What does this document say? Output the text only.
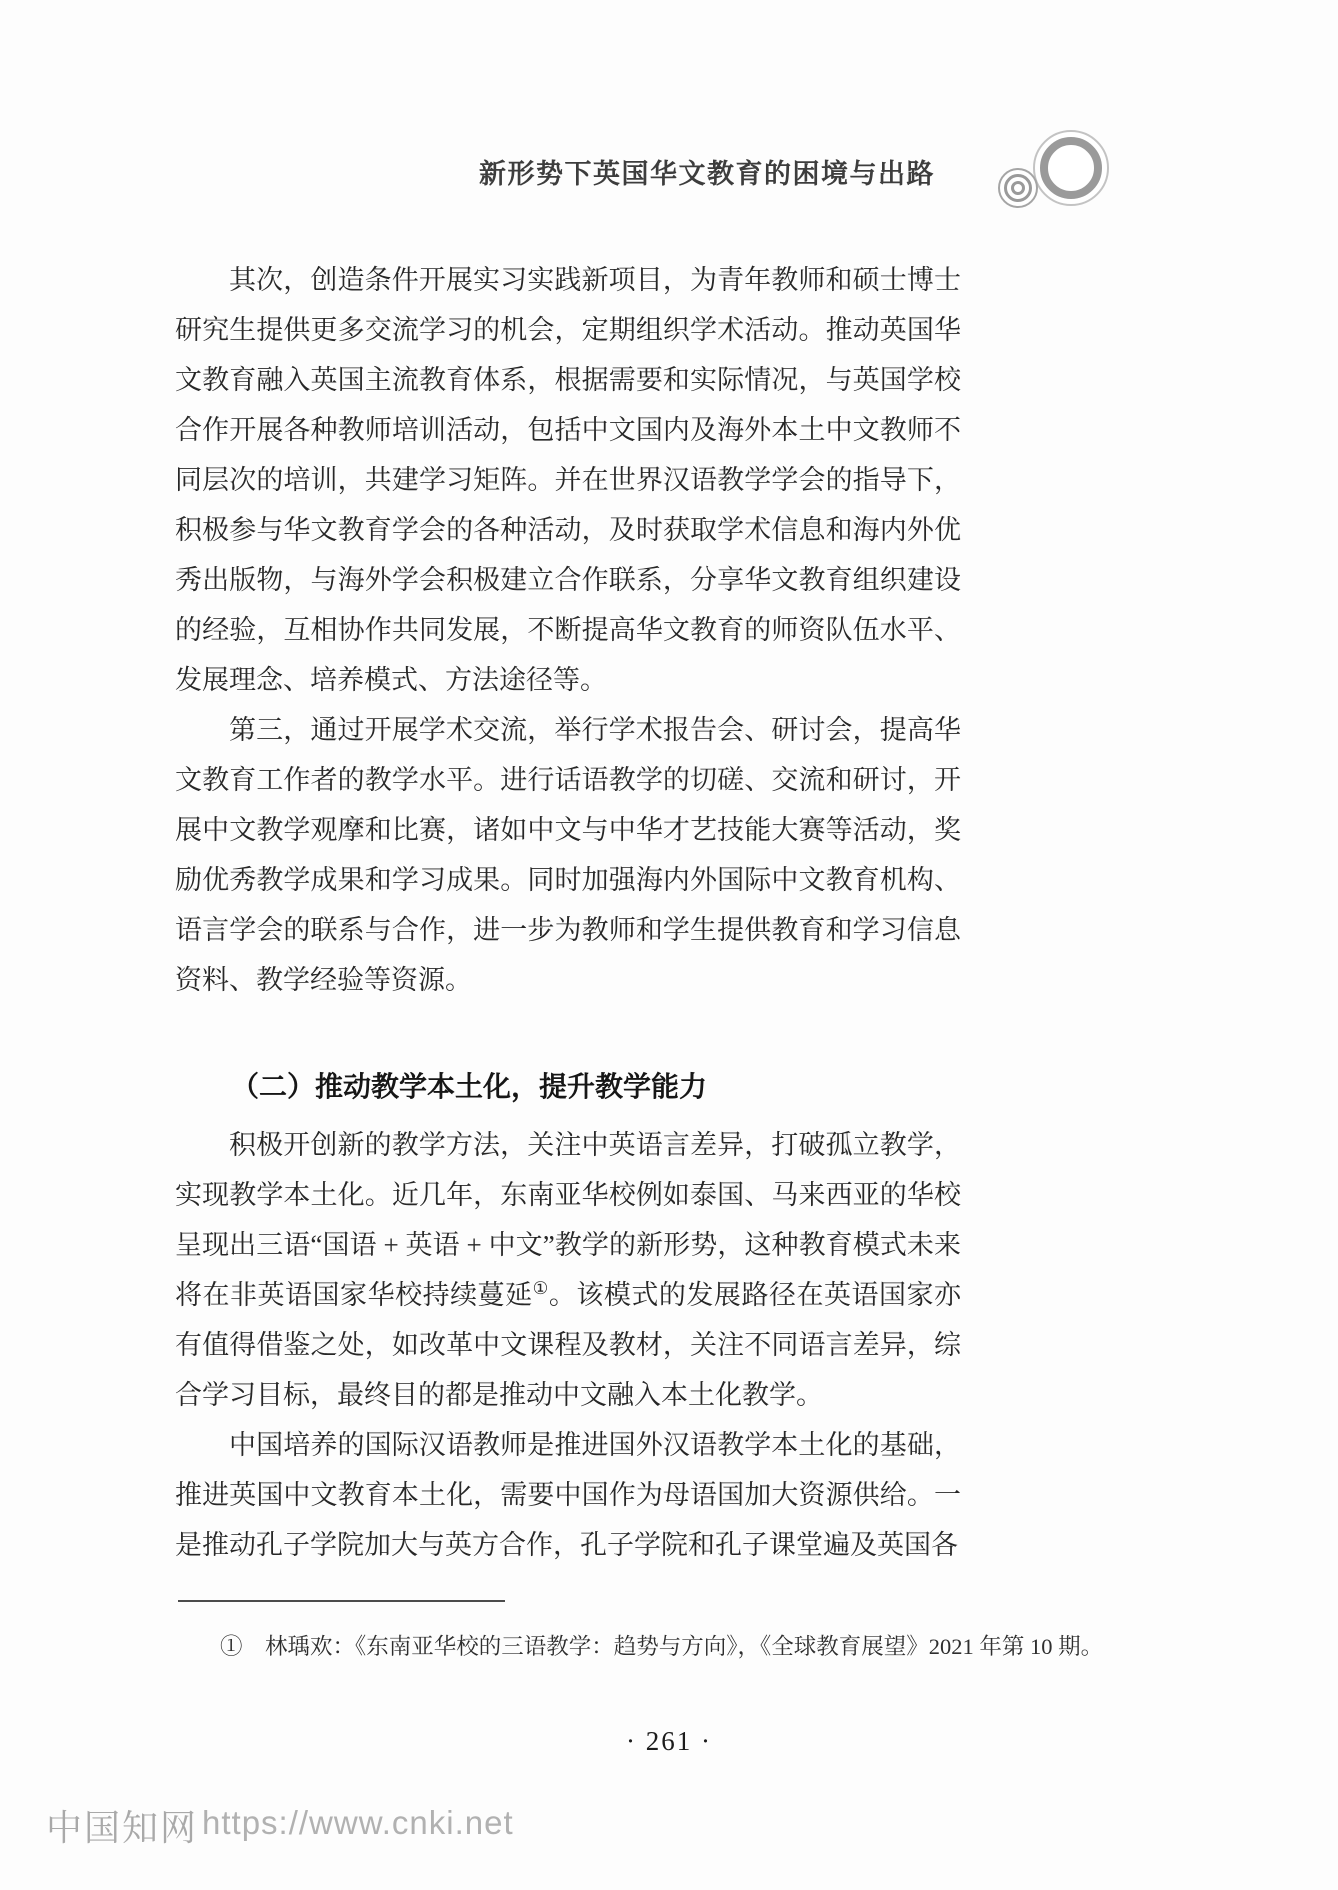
新形势下英国华文教育的困境与出路

其次，创造条件开展实习实践新项目，为青年教师和硕士博士研究生提供更多交流学习的机会，定期组织学术活动。推动英国华文教育融入英国主流教育体系，根据需要和实际情况，与英国学校合作开展各种教师培训活动，包括中文国内及海外本土中文教师不同层次的培训，共建学习矩阵。并在世界汉语教学学会的指导下，积极参与华文教育学会的各种活动，及时获取学术信息和海内外优秀出版物，与海外学会积极建立合作联系，分享华文教育组织建设的经验，互相协作共同发展，不断提高华文教育的师资队伍水平、发展理念、培养模式、方法途径等。

第三，通过开展学术交流，举行学术报告会、研讨会，提高华文教育工作者的教学水平。进行话语教学的切磋、交流和研讨，开展中文教学观摩和比赛，诸如中文与中华才艺技能大赛等活动，奖励优秀教学成果和学习成果。同时加强海内外国际中文教育机构、语言学会的联系与合作，进一步为教师和学生提供教育和学习信息资料、教学经验等资源。

（二）推动教学本土化，提升教学能力

积极开创新的教学方法，关注中英语言差异，打破孤立教学，实现教学本土化。近几年，东南亚华校例如泰国、马来西亚的华校呈现出三语“国语 + 英语 + 中文”教学的新形势，这种教育模式未来将在非英语国家华校持续蔓延①。该模式的发展路径在英语国家亦有值得借鉴之处，如改革中文课程及教材，关注不同语言差异，综合学习目标，最终目的都是推动中文融入本土化教学。

中国培养的国际汉语教师是推进国外汉语教学本土化的基础，推进英国中文教育本土化，需要中国作为母语国加大资源供给。一是推动孔子学院加大与英方合作，孔子学院和孔子课堂遍及英国各

①　林瑀欢：《东南亚华校的三语教学：趋势与方向》，《全球教育展望》2021 年第 10 期。

· 261 ·
中国知网 https://www.cnki.net
